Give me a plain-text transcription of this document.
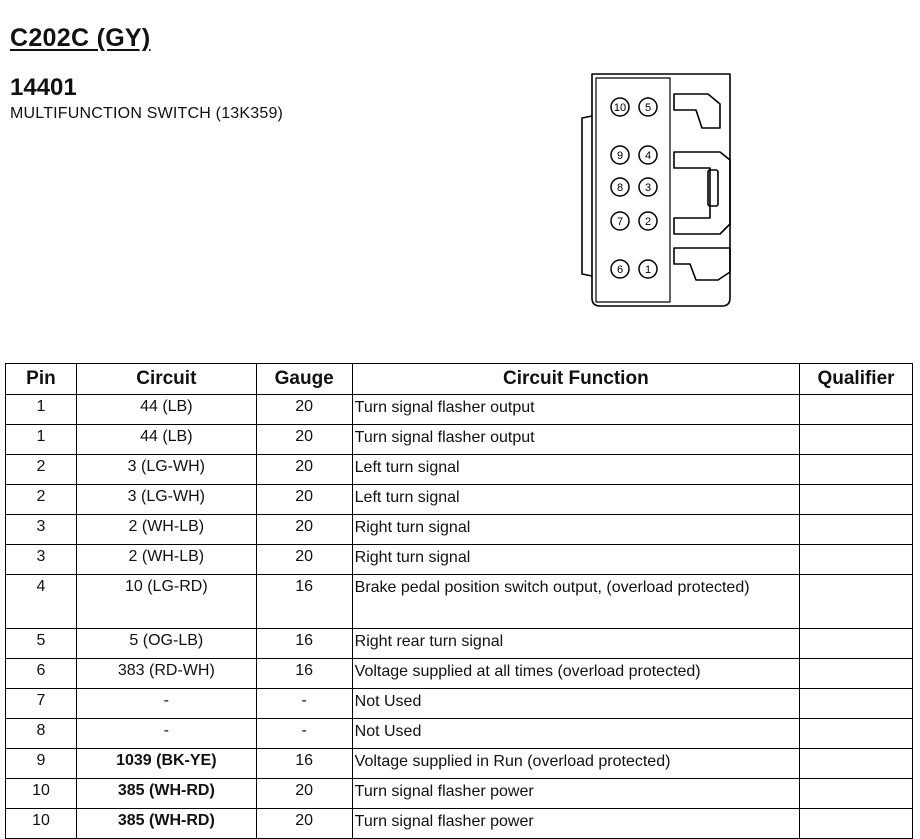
C202C (GY)
14401
MULTIFUNCTION SWITCH (13K359)	10 5
9 4
8 3
7 2
6 1
Pin	Circuit	Gauge	Circuit Function	Qualifier
1	44 (LB)	20	Turn signal flasher output	
1	44 (LB)	20	Turn signal flasher output	
2	3 (LG-WH)	20	Left turn signal	
2	3 (LG-WH)	20	Left turn signal	
3	2 (WH-LB)	20	Right turn signal	
3	2 (WH-LB)	20	Right turn signal	
4	10 (LG-RD)	16	Brake pedal position switch output, (overload protected)	
5	5 (OG-LB)	16	Right rear turn signal	
6	383 (RD-WH)	16	Voltage supplied at all times (overload protected)	
7	-	-	Not Used	
8	-	-	Not Used	
9	1039 (BK-YE)	16	Voltage supplied in Run (overload protected)	
10	385 (WH-RD)	20	Turn signal flasher power	
10	385 (WH-RD)	20	Turn signal flasher power	
